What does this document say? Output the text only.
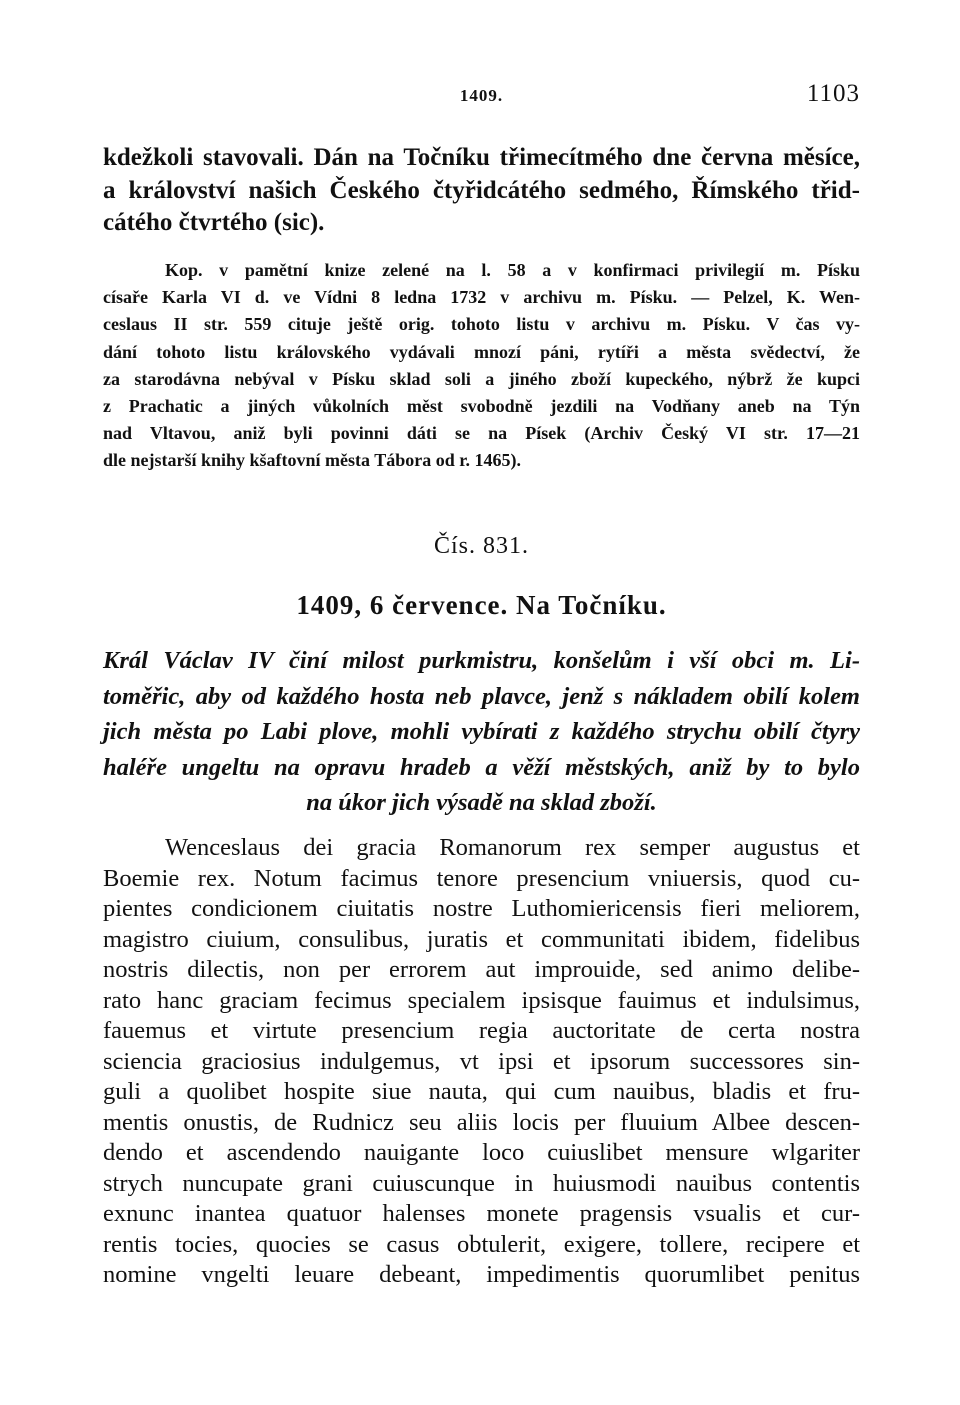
1409.	1103
kdežkoli stavovali. Dán na Točníku třimecítmého dne června měsíce,
a království našich Českého čtyřidcátého sedmého, Římského třid-
cátého čtvrtého (sic).
Kop. v pamětní knize zelené na l. 58 a v konfirmaci privilegií m. Písku
císaře Karla VI d. ve Vídni 8 ledna 1732 v archivu m. Písku. — Pelzel, K. Wen-
ceslaus II str. 559 cituje ještě orig. tohoto listu v archivu m. Písku. V čas vy-
dání tohoto listu královského vydávali mnozí páni, rytíři a města svědectví, že
za starodávna nebýval v Písku sklad soli a jiného zboží kupeckého, nýbrž že kupci
z Prachatic a jiných vůkolních měst svobodně jezdili na Vodňany aneb na Týn
nad Vltavou, aniž byli povinni dáti se na Písek (Archiv Český VI str. 17—21
dle nejstarší knihy kšaftovní města Tábora od r. 1465).
Čís. 831.
1409, 6 července. Na Točníku.
Král Václav IV činí milost purkmistru, konšelům i vší obci m. Li-
toměřic, aby od každého hosta neb plavce, jenž s nákladem obilí kolem
jich města po Labi plove, mohli vybírati z každého strychu obilí čtyry
haléře ungeltu na opravu hradeb a věží městských, aniž by to bylo
na úkor jich výsadě na sklad zboží.
Wenceslaus dei gracia Romanorum rex semper augustus et
Boemie rex. Notum facimus tenore presencium vniuersis, quod cu-
pientes condicionem ciuitatis nostre Luthomiericensis fieri meliorem,
magistro ciuium, consulibus, juratis et communitati ibidem, fidelibus
nostris dilectis, non per errorem aut improuide, sed animo delibe-
rato hanc graciam fecimus specialem ipsisque fauimus et indulsimus,
fauemus et virtute presencium regia auctoritate de certa nostra
sciencia graciosius indulgemus, vt ipsi et ipsorum successores sin-
guli a quolibet hospite siue nauta, qui cum nauibus, bladis et fru-
mentis onustis, de Rudnicz seu aliis locis per fluuium Albee descen-
dendo et ascendendo nauigante loco cuiuslibet mensure wlgariter
strych nuncupate grani cuiuscunque in huiusmodi nauibus contentis
exnunc inantea quatuor halenses monete pragensis vsualis et cur-
rentis tocies, quocies se casus obtulerit, exigere, tollere, recipere et
nomine vngelti leuare debeant, impedimentis quorumlibet penitus
